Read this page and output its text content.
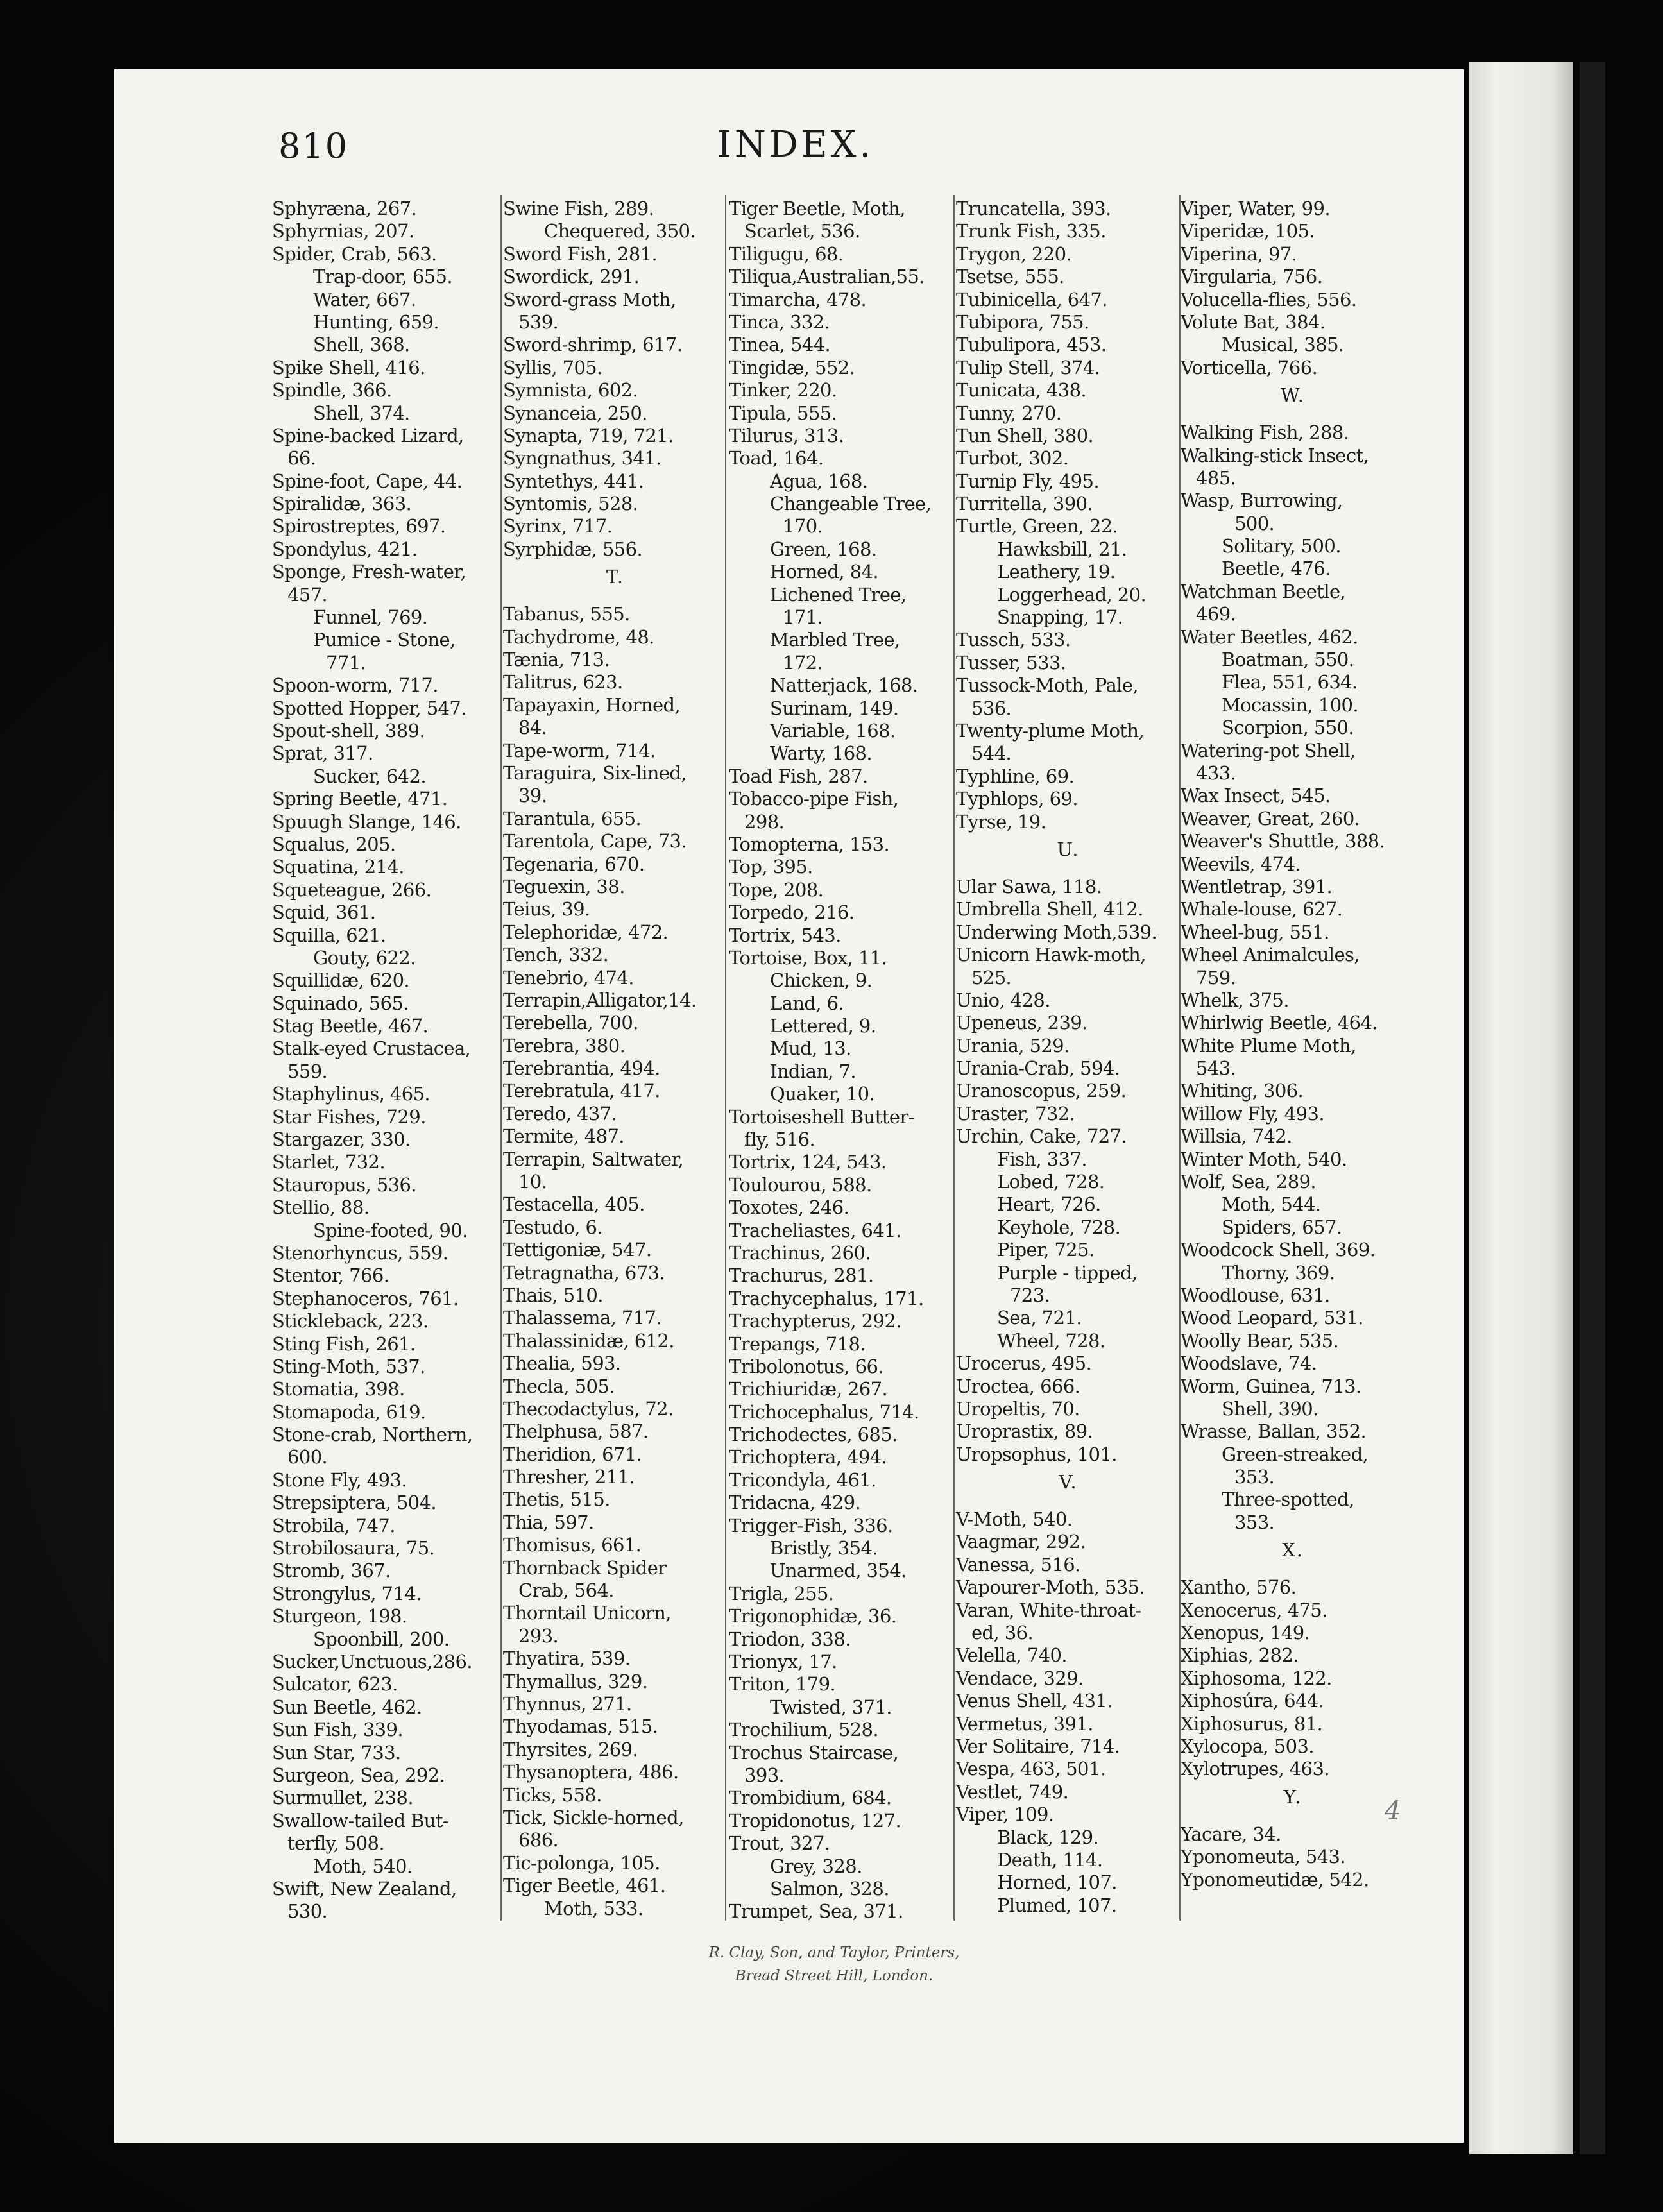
810	INDEX.
Sphyræna, 267.
Sphyrnias, 207.
Spider, Crab, 563.
Trap-door, 655.
Water, 667.
Hunting, 659.
Shell, 368.
Spike Shell, 416.
Spindle, 366.
Shell, 374.
Spine-backed Lizard,
66.
Spine-foot, Cape, 44.
Spiralidæ, 363.
Spirostreptes, 697.
Spondylus, 421.
Sponge, Fresh-water,
457.
Funnel, 769.
Pumice - Stone,
771.
Spoon-worm, 717.
Spotted Hopper, 547.
Spout-shell, 389.
Sprat, 317.
Sucker, 642.
Spring Beetle, 471.
Spuugh Slange, 146.
Squalus, 205.
Squatina, 214.
Squeteague, 266.
Squid, 361.
Squilla, 621.
Gouty, 622.
Squillidæ, 620.
Squinado, 565.
Stag Beetle, 467.
Stalk-eyed Crustacea,
559.
Staphylinus, 465.
Star Fishes, 729.
Stargazer, 330.
Starlet, 732.
Stauropus, 536.
Stellio, 88.
Spine-footed, 90.
Stenorhyncus, 559.
Stentor, 766.
Stephanoceros, 761.
Stickleback, 223.
Sting Fish, 261.
Sting-Moth, 537.
Stomatia, 398.
Stomapoda, 619.
Stone-crab, Northern,
600.
Stone Fly, 493.
Strepsiptera, 504.
Strobila, 747.
Strobilosaura, 75.
Stromb, 367.
Strongylus, 714.
Sturgeon, 198.
Spoonbill, 200.
Sucker,Unctuous,286.
Sulcator, 623.
Sun Beetle, 462.
Sun Fish, 339.
Sun Star, 733.
Surgeon, Sea, 292.
Surmullet, 238.
Swallow-tailed But-
terfly, 508.
Moth, 540.
Swift, New Zealand,
530.
Swine Fish, 289.
Chequered, 350.
Sword Fish, 281.
Swordick, 291.
Sword-grass Moth,
539.
Sword-shrimp, 617.
Syllis, 705.
Symnista, 602.
Synanceia, 250.
Synapta, 719, 721.
Syngnathus, 341.
Syntethys, 441.
Syntomis, 528.
Syrinx, 717.
Syrphidæ, 556.
T.
Tabanus, 555.
Tachydrome, 48.
Tænia, 713.
Talitrus, 623.
Tapayaxin, Horned,
84.
Tape-worm, 714.
Taraguira, Six-lined,
39.
Tarantula, 655.
Tarentola, Cape, 73.
Tegenaria, 670.
Teguexin, 38.
Teius, 39.
Telephoridæ, 472.
Tench, 332.
Tenebrio, 474.
Terrapin,Alligator,14.
Terebella, 700.
Terebra, 380.
Terebrantia, 494.
Terebratula, 417.
Teredo, 437.
Termite, 487.
Terrapin, Saltwater,
10.
Testacella, 405.
Testudo, 6.
Tettigoniæ, 547.
Tetragnatha, 673.
Thais, 510.
Thalassema, 717.
Thalassinidæ, 612.
Thealia, 593.
Thecla, 505.
Thecodactylus, 72.
Thelphusa, 587.
Theridion, 671.
Thresher, 211.
Thetis, 515.
Thia, 597.
Thomisus, 661.
Thornback Spider
Crab, 564.
Thorntail Unicorn,
293.
Thyatira, 539.
Thymallus, 329.
Thynnus, 271.
Thyodamas, 515.
Thyrsites, 269.
Thysanoptera, 486.
Ticks, 558.
Tick, Sickle-horned,
686.
Tic-polonga, 105.
Tiger Beetle, 461.
Moth, 533.
Tiger Beetle, Moth,
Scarlet, 536.
Tiligugu, 68.
Tiliqua,Australian,55.
Timarcha, 478.
Tinca, 332.
Tinea, 544.
Tingidæ, 552.
Tinker, 220.
Tipula, 555.
Tilurus, 313.
Toad, 164.
Agua, 168.
Changeable Tree,
170.
Green, 168.
Horned, 84.
Lichened Tree,
171.
Marbled Tree,
172.
Natterjack, 168.
Surinam, 149.
Variable, 168.
Warty, 168.
Toad Fish, 287.
Tobacco-pipe Fish,
298.
Tomopterna, 153.
Top, 395.
Tope, 208.
Torpedo, 216.
Tortrix, 543.
Tortoise, Box, 11.
Chicken, 9.
Land, 6.
Lettered, 9.
Mud, 13.
Indian, 7.
Quaker, 10.
Tortoiseshell Butter-
fly, 516.
Tortrix, 124, 543.
Toulourou, 588.
Toxotes, 246.
Tracheliastes, 641.
Trachinus, 260.
Trachurus, 281.
Trachycephalus, 171.
Trachypterus, 292.
Trepangs, 718.
Tribolonotus, 66.
Trichiuridæ, 267.
Trichocephalus, 714.
Trichodectes, 685.
Trichoptera, 494.
Tricondyla, 461.
Tridacna, 429.
Trigger-Fish, 336.
Bristly, 354.
Unarmed, 354.
Trigla, 255.
Trigonophidæ, 36.
Triodon, 338.
Trionyx, 17.
Triton, 179.
Twisted, 371.
Trochilium, 528.
Trochus Staircase,
393.
Trombidium, 684.
Tropidonotus, 127.
Trout, 327.
Grey, 328.
Salmon, 328.
Trumpet, Sea, 371.
Truncatella, 393.
Trunk Fish, 335.
Trygon, 220.
Tsetse, 555.
Tubinicella, 647.
Tubipora, 755.
Tubulipora, 453.
Tulip Stell, 374.
Tunicata, 438.
Tunny, 270.
Tun Shell, 380.
Turbot, 302.
Turnip Fly, 495.
Turritella, 390.
Turtle, Green, 22.
Hawksbill, 21.
Leathery, 19.
Loggerhead, 20.
Snapping, 17.
Tussch, 533.
Tusser, 533.
Tussock-Moth, Pale,
536.
Twenty-plume Moth,
544.
Typhline, 69.
Typhlops, 69.
Tyrse, 19.
U.
Ular Sawa, 118.
Umbrella Shell, 412.
Underwing Moth,539.
Unicorn Hawk-moth,
525.
Unio, 428.
Upeneus, 239.
Urania, 529.
Urania-Crab, 594.
Uranoscopus, 259.
Uraster, 732.
Urchin, Cake, 727.
Fish, 337.
Lobed, 728.
Heart, 726.
Keyhole, 728.
Piper, 725.
Purple - tipped,
723.
Sea, 721.
Wheel, 728.
Urocerus, 495.
Uroctea, 666.
Uropeltis, 70.
Uroprastix, 89.
Uropsophus, 101.
V.
V-Moth, 540.
Vaagmar, 292.
Vanessa, 516.
Vapourer-Moth, 535.
Varan, White-throat-
ed, 36.
Velella, 740.
Vendace, 329.
Venus Shell, 431.
Vermetus, 391.
Ver Solitaire, 714.
Vespa, 463, 501.
Vestlet, 749.
Viper, 109.
Black, 129.
Death, 114.
Horned, 107.
Plumed, 107.
Viper, Water, 99.
Viperidæ, 105.
Viperina, 97.
Virgularia, 756.
Volucella-flies, 556.
Volute Bat, 384.
Musical, 385.
Vorticella, 766.
W.
Walking Fish, 288.
Walking-stick Insect,
485.
Wasp, Burrowing,
500.
Solitary, 500.
Beetle, 476.
Watchman Beetle,
469.
Water Beetles, 462.
Boatman, 550.
Flea, 551, 634.
Mocassin, 100.
Scorpion, 550.
Watering-pot Shell,
433.
Wax Insect, 545.
Weaver, Great, 260.
Weaver's Shuttle, 388.
Weevils, 474.
Wentletrap, 391.
Whale-louse, 627.
Wheel-bug, 551.
Wheel Animalcules,
759.
Whelk, 375.
Whirlwig Beetle, 464.
White Plume Moth,
543.
Whiting, 306.
Willow Fly, 493.
Willsia, 742.
Winter Moth, 540.
Wolf, Sea, 289.
Moth, 544.
Spiders, 657.
Woodcock Shell, 369.
Thorny, 369.
Woodlouse, 631.
Wood Leopard, 531.
Woolly Bear, 535.
Woodslave, 74.
Worm, Guinea, 713.
Shell, 390.
Wrasse, Ballan, 352.
Green-streaked,
353.
Three-spotted,
353.
X.
Xantho, 576.
Xenocerus, 475.
Xenopus, 149.
Xiphias, 282.
Xiphosoma, 122.
Xiphosúra, 644.
Xiphosurus, 81.
Xylocopa, 503.
Xylotrupes, 463.
Y.
Yacare, 34.
Yponomeuta, 543.
Yponomeutidæ, 542.
R. Clay, Son, and Taylor, Printers,
Bread Street Hill, London.
4
